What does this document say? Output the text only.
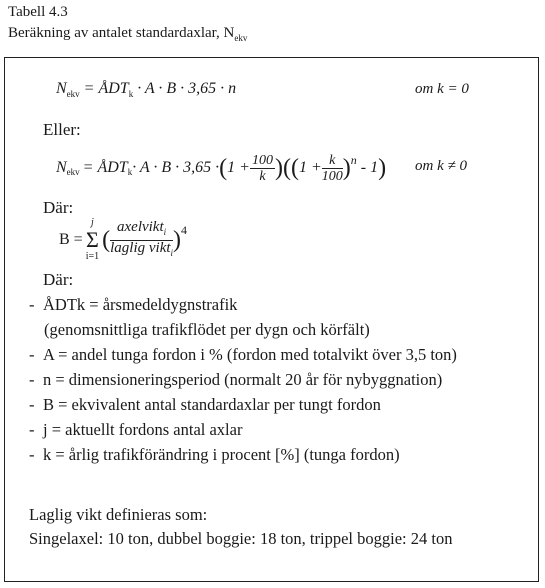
Tabell 4.3
Beräkning av antalet standardaxlar, $N_{ekv}$
$N_{ekv}$ = $ÅDT_k \cdot A \cdot B \cdot 3,65 \cdot n$	om k = 0
Eller:
$N_{ekv}$ = $ÅDT_k \cdot A \cdot B \cdot 3,65$ · ( $1 + \frac{100}{k}$ ) (( $1 + \frac{k}{100} )^n - 1$ ) om k ≠ 0
Där:
B =
j
Σ
i=1
( $\frac{axelvikt_i}{laglig vikt_i} )^4$
Där:
- ÅDTk = årsmedeldygnstrafik
(genomsnittliga trafikflödet per dygn och körfält)
- A = andel tunga fordon i % (fordon med totalvikt över 3,5 ton)
- n = dimensioneringsperiod (normalt 20 år för nybyggnation)
- B = ekvivalent antal standardaxlar per tungt fordon
- j = aktuellt fordons antal axlar
- k = årlig trafikförändring i procent [%] (tunga fordon)
Laglig vikt definieras som:
Singelaxel: 10 ton, dubbel boggie: 18 ton, trippel boggie: 24 ton
